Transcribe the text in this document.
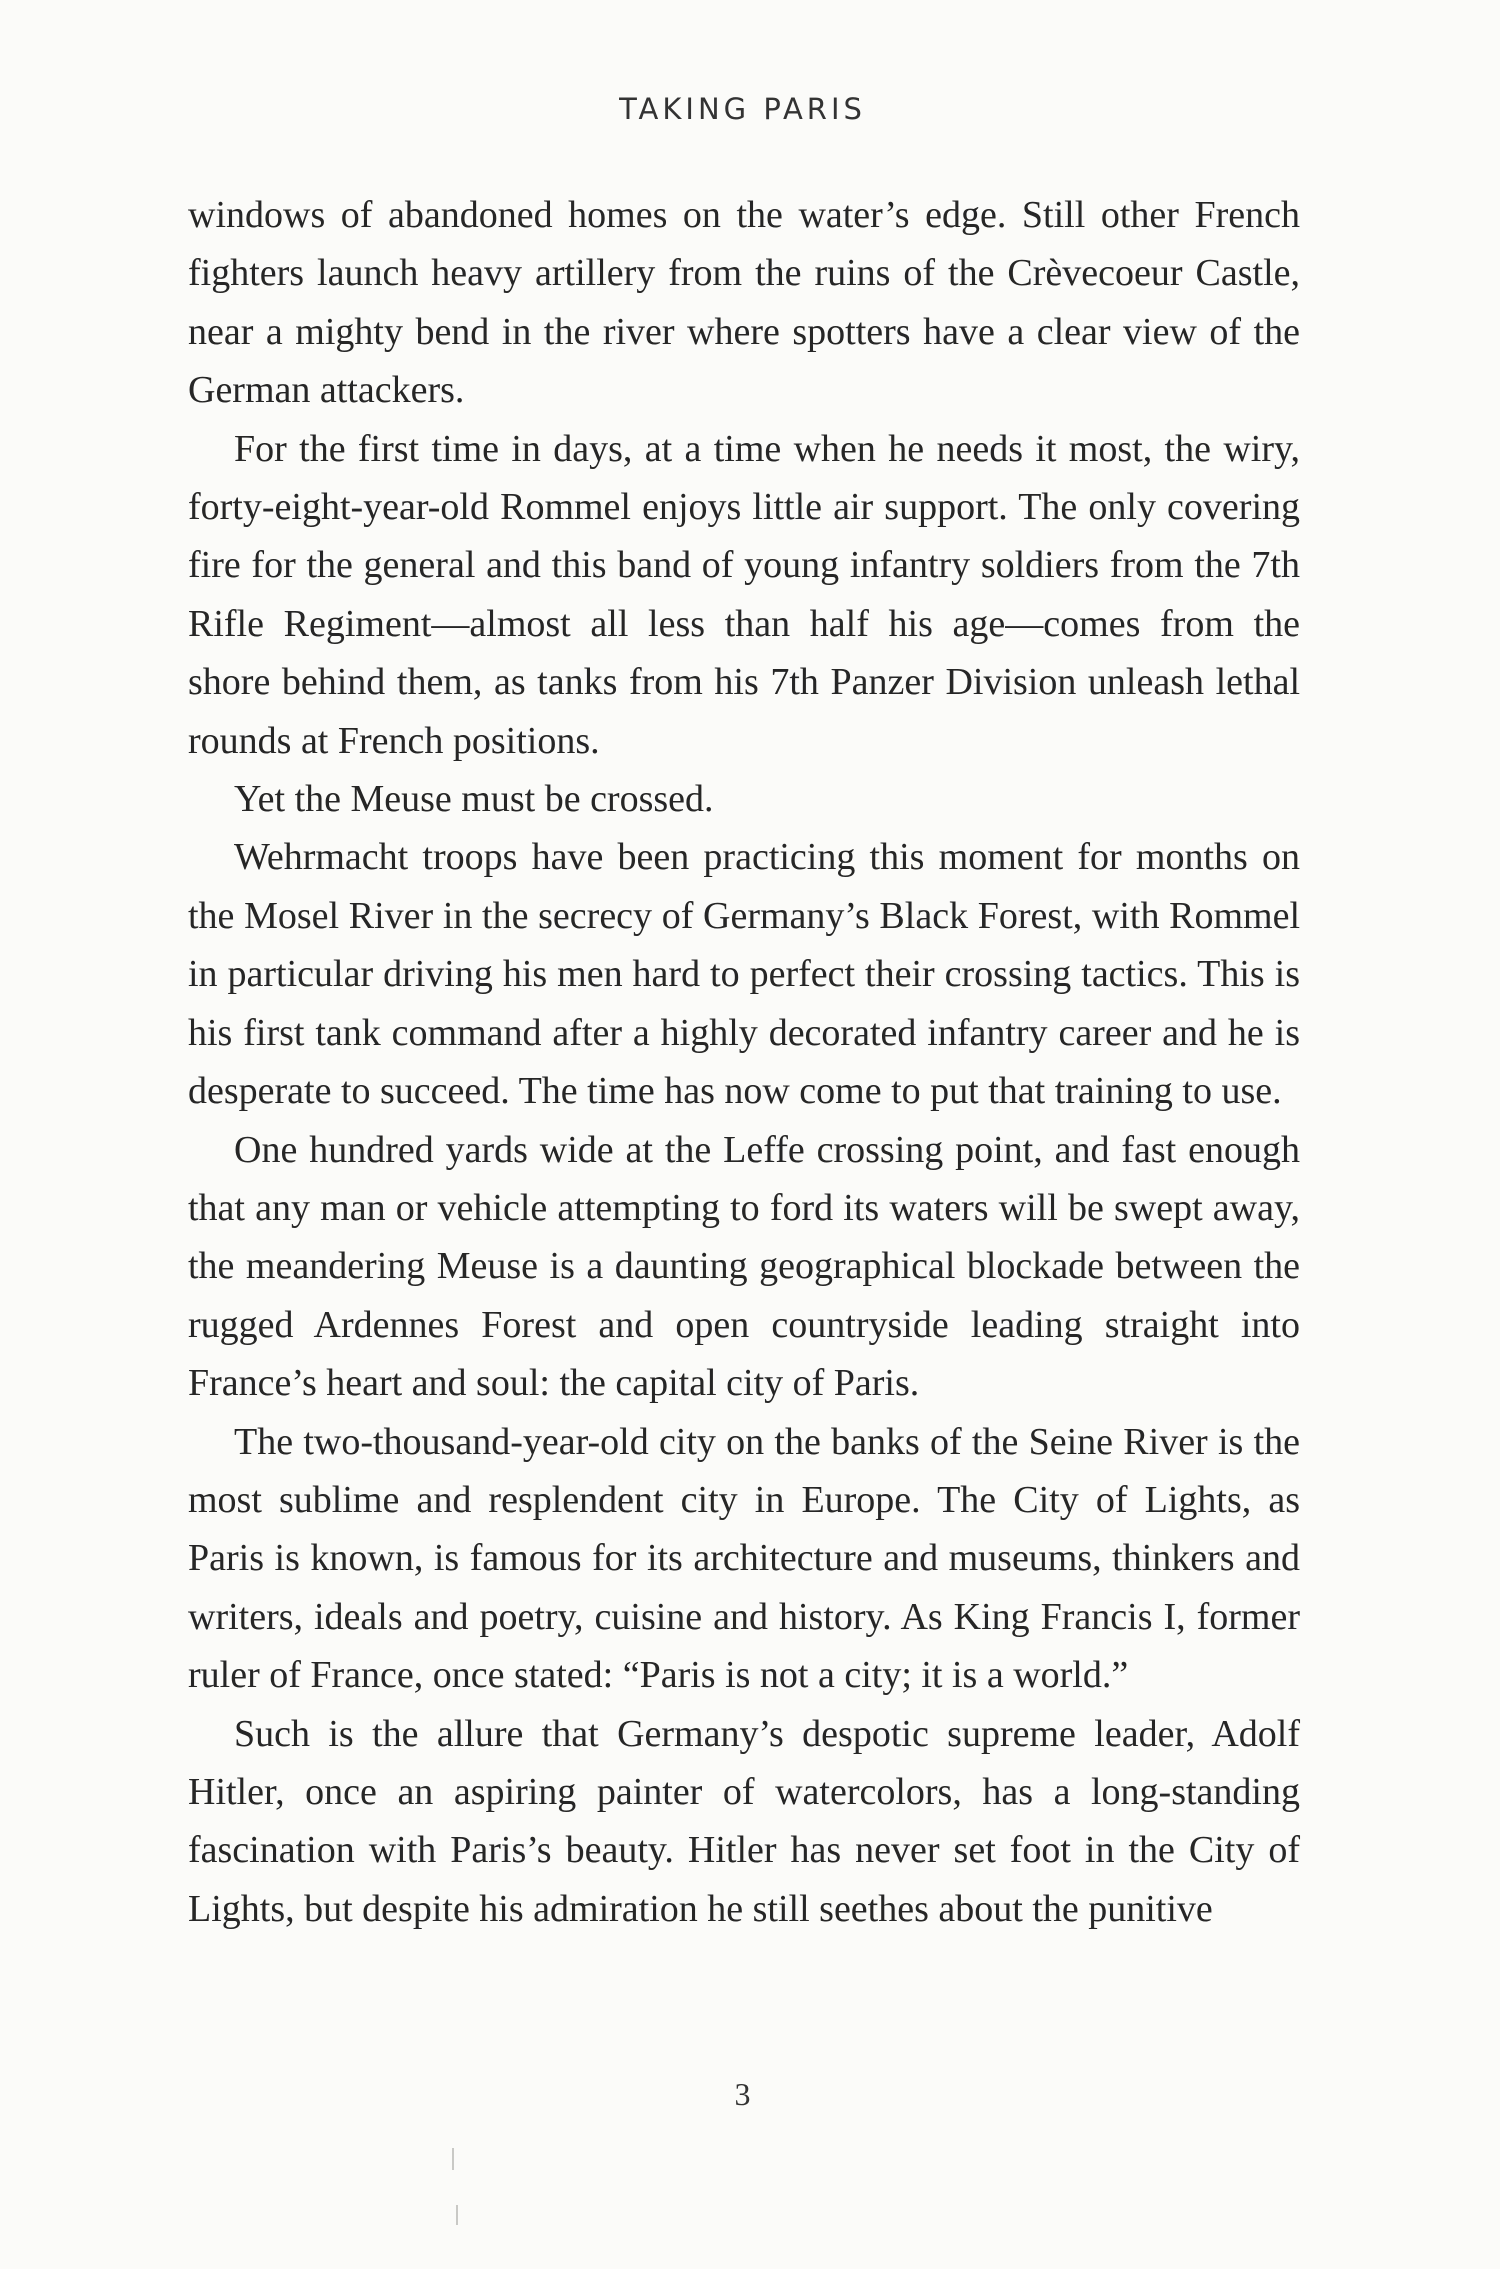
TAKING PARIS

windows of abandoned homes on the water’s edge. Still other French fighters launch heavy artillery from the ruins of the Crèvecoeur Castle, near a mighty bend in the river where spotters have a clear view of the German attackers.

For the first time in days, at a time when he needs it most, the wiry, forty-eight-year-old Rommel enjoys little air support. The only covering fire for the general and this band of young infantry soldiers from the 7th Rifle Regiment—almost all less than half his age—comes from the shore behind them, as tanks from his 7th Panzer Division unleash lethal rounds at French positions.

Yet the Meuse must be crossed.

Wehrmacht troops have been practicing this moment for months on the Mosel River in the secrecy of Germany’s Black Forest, with Rommel in particular driving his men hard to perfect their crossing tactics. This is his first tank command after a highly decorated infantry career and he is desperate to succeed. The time has now come to put that training to use.

One hundred yards wide at the Leffe crossing point, and fast enough that any man or vehicle attempting to ford its waters will be swept away, the meandering Meuse is a daunting geographical blockade between the rugged Ardennes Forest and open countryside leading straight into France’s heart and soul: the capital city of Paris.

The two-thousand-year-old city on the banks of the Seine River is the most sublime and resplendent city in Europe. The City of Lights, as Paris is known, is famous for its architecture and museums, thinkers and writers, ideals and poetry, cuisine and history. As King Francis I, former ruler of France, once stated: “Paris is not a city; it is a world.”

Such is the allure that Germany’s despotic supreme leader, Adolf Hitler, once an aspiring painter of watercolors, has a long-standing fascination with Paris’s beauty. Hitler has never set foot in the City of Lights, but despite his admiration he still seethes about the punitive

3
